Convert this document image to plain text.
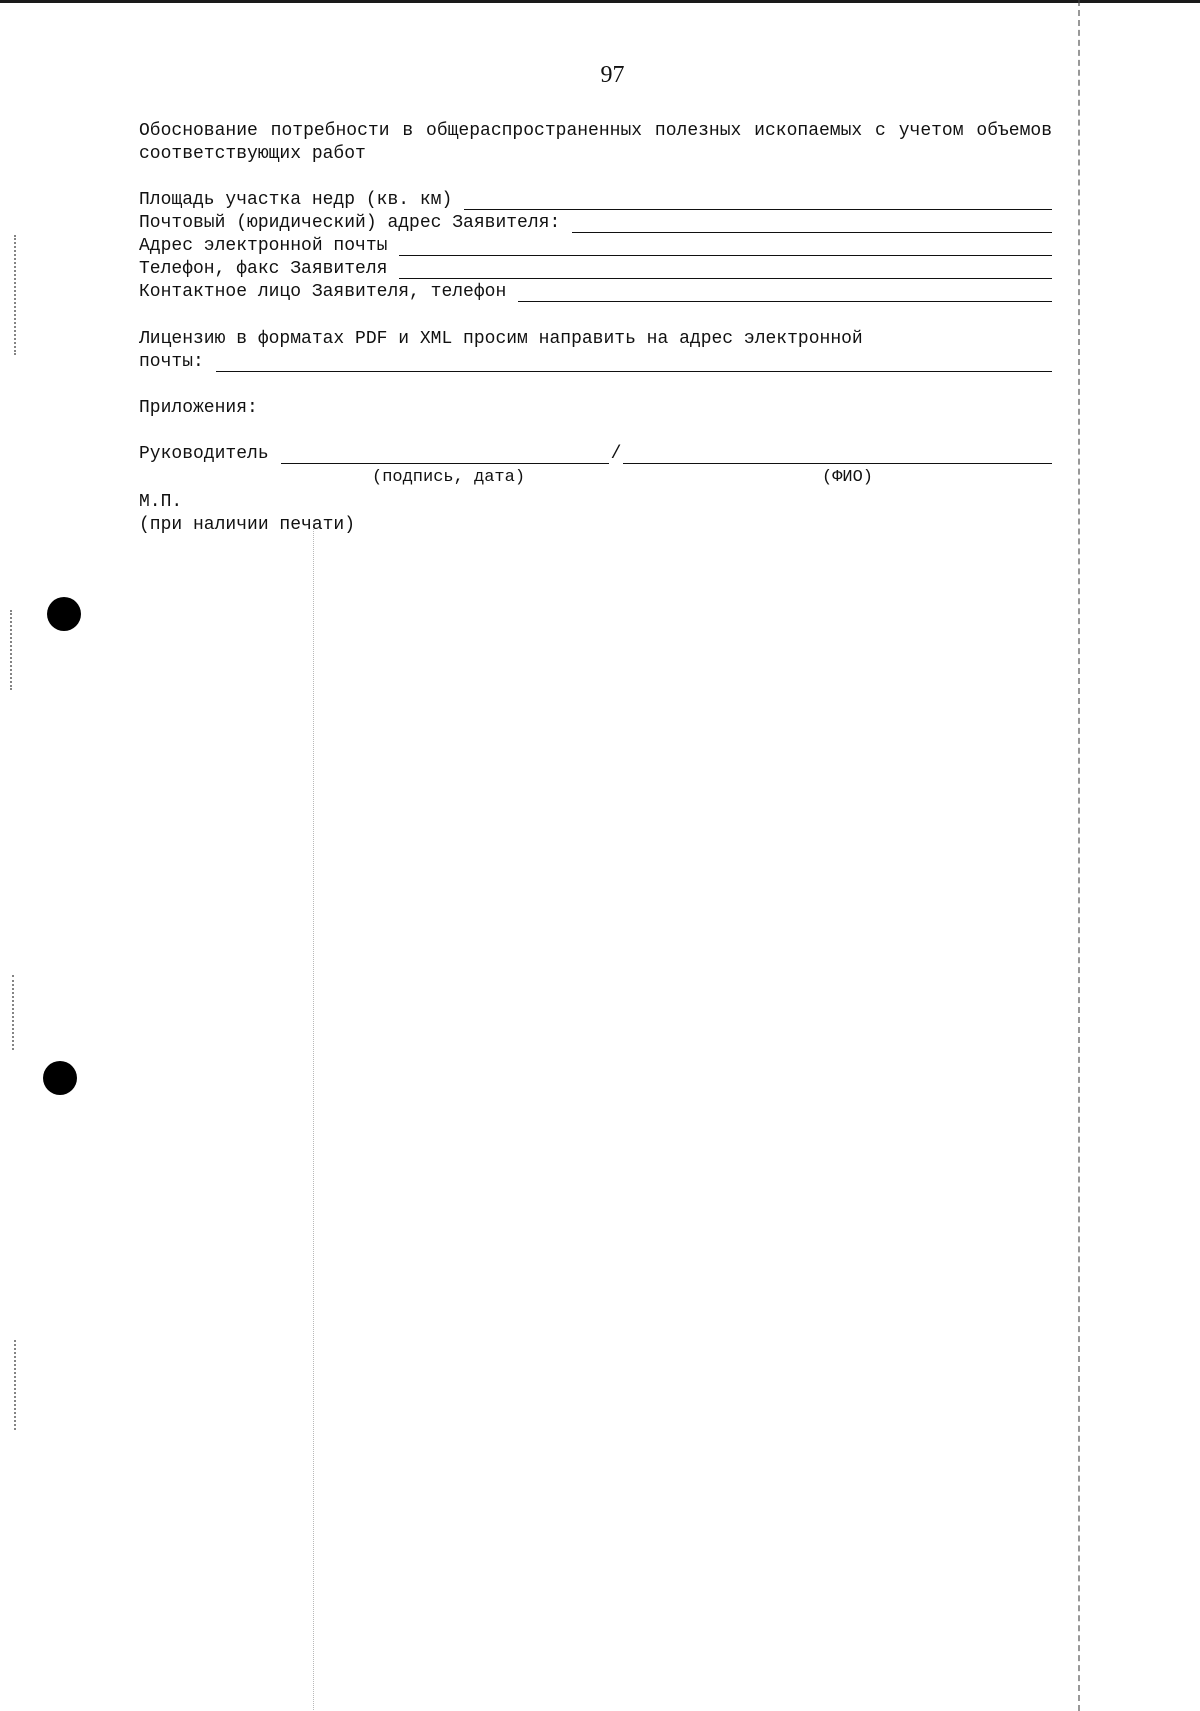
97
Обоснование потребности в общераспространенных полезных ископаемых с учетом объемов соответствующих работ
Площадь участка недр (кв. км)
Почтовый (юридический) адрес Заявителя:
Адрес электронной почты
Телефон, факс Заявителя
Контактное лицо Заявителя, телефон
Лицензию в форматах PDF и XML просим направить на адрес электронной
почты:
Приложения:
Руководитель	/
(подпись, дата)	(ФИО)
М.П.
(при наличии печати)
